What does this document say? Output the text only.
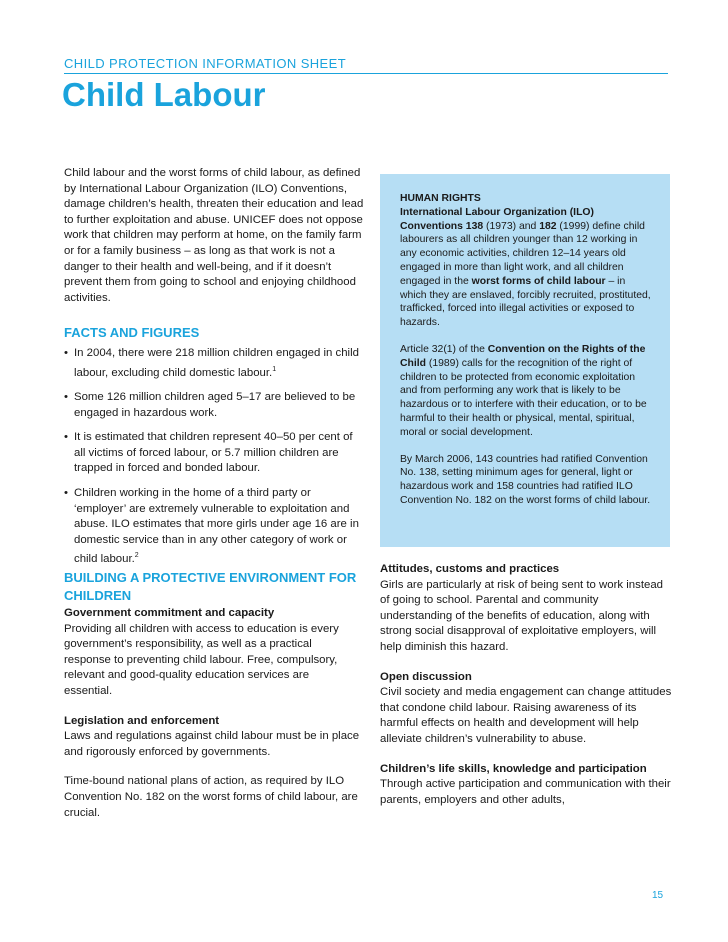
CHILD PROTECTION INFORMATION SHEET
Child Labour
Child labour and the worst forms of child labour, as defined by International Labour Organization (ILO) Conventions, damage children’s health, threaten their education and lead to further exploitation and abuse. UNICEF does not oppose work that children may perform at home, on the family farm or for a family business – as long as that work is not a danger to their health and well-being, and if it doesn’t prevent them from going to school and enjoying childhood activities.
FACTS AND FIGURES
• In 2004, there were 218 million children engaged in child labour, excluding child domestic labour.$^1$
• Some 126 million children aged 5–17 are believed to be engaged in hazardous work.
• It is estimated that children represent 40–50 per cent of all victims of forced labour, or 5.7 million children are trapped in forced and bonded labour.
• Children working in the home of a third party or ‘employer’ are extremely vulnerable to exploitation and abuse. ILO estimates that more girls under age 16 are in domestic service than in any other category of work or child labour.$^2$
BUILDING A PROTECTIVE ENVIRONMENT FOR CHILDREN
Government commitment and capacity

Providing all children with access to education is every government’s responsibility, as well as a practical response to preventing child labour. Free, compulsory, relevant and good-quality education services are essential.

Legislation and enforcement

Laws and regulations against child labour must be in place and rigorously enforced by governments.

Time-bound national plans of action, as required by ILO Convention No. 182 on the worst forms of child labour, are crucial.

HUMAN RIGHTS

International Labour Organization (ILO) Conventions 138 (1973) and 182 (1999) define child labourers as all children younger than 12 working in any economic activities, children 12–14 years old engaged in more than light work, and all children engaged in the worst forms of child labour – in which they are enslaved, forcibly recruited, prostituted, trafficked, forced into illegal activities or exposed to hazards.

Article 32(1) of the Convention on the Rights of the Child (1989) calls for the recognition of the right of children to be protected from economic exploitation and from performing any work that is likely to be hazardous or to interfere with their education, or to be harmful to their health or physical, mental, spiritual, moral or social development.

By March 2006, 143 countries had ratified Convention No. 138, setting minimum ages for general, light or hazardous work and 158 countries had ratified ILO Convention No. 182 on the worst forms of child labour.

Attitudes, customs and practices

Girls are particularly at risk of being sent to work instead of going to school. Parental and community understanding of the benefits of education, along with strong social disapproval of exploitative employers, will help diminish this hazard.

Open discussion

Civil society and media engagement can change attitudes that condone child labour. Raising awareness of its harmful effects on health and development will help alleviate children’s vulnerability to abuse.

Children’s life skills, knowledge and participation

Through active participation and communication with their parents, employers and other adults,

15
